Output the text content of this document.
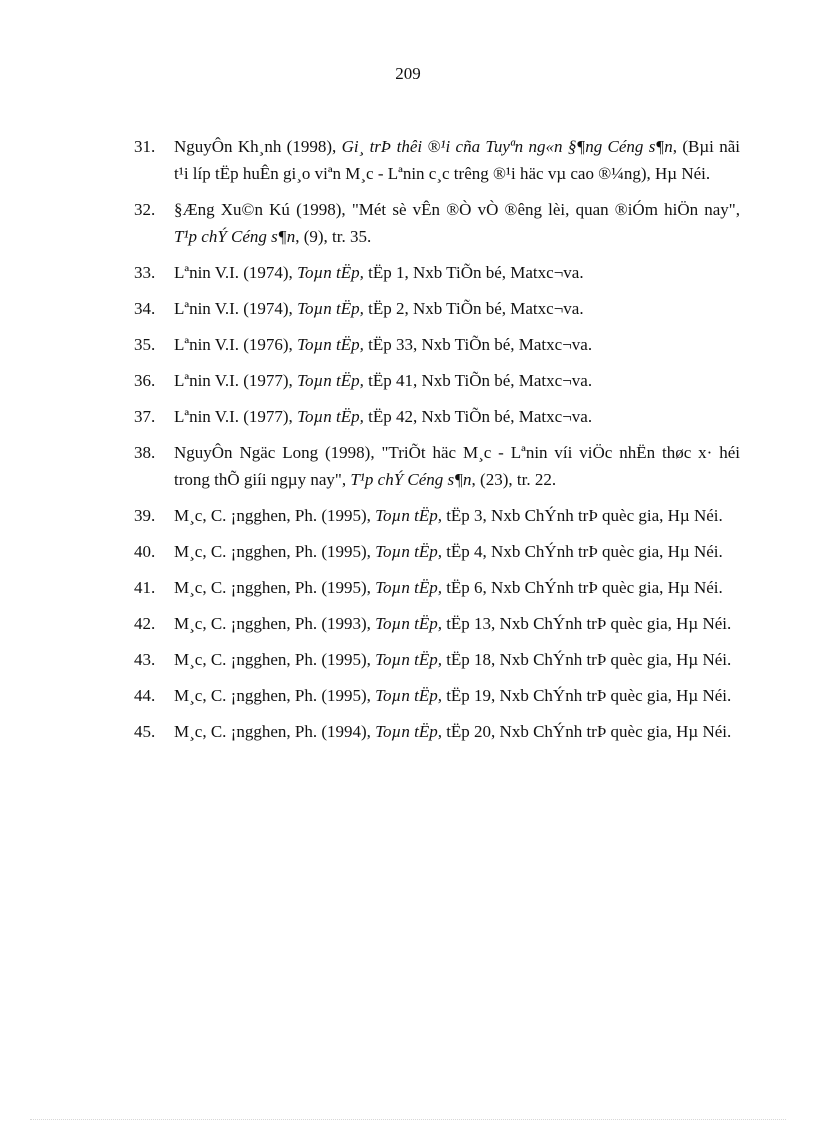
209
31. NguyÔn Kh¸nh (1998), Gi¸ trÞ thêi ®¹i cña Tuyªn ng«n §¶ng Céng s¶n, (Bµi nãi t¹i líp tËp huÊn gi¸o viªn M¸c - Lªnin c¸c trêng ®¹i häc vµ cao ®¼ng), Hµ Néi.
32. §Æng Xu©n Kú (1998), "Mét sè vÊn ®Ò vÒ ®êng lèi, quan ®iÓm hiÖn nay", T¹p chÝ Céng s¶n, (9), tr. 35.
33. Lªnin V.I. (1974), Toµn tËp, tËp 1, Nxb TiÕn bé, Matxc¬va.
34. Lªnin V.I. (1974), Toµn tËp, tËp 2, Nxb TiÕn bé, Matxc¬va.
35. Lªnin V.I. (1976), Toµn tËp, tËp 33, Nxb TiÕn bé, Matxc¬va.
36. Lªnin V.I. (1977), Toµn tËp, tËp 41, Nxb TiÕn bé, Matxc¬va.
37. Lªnin V.I. (1977), Toµn tËp, tËp 42, Nxb TiÕn bé, Matxc¬va.
38. NguyÔn Ngäc Long (1998), "TriÕt häc M¸c - Lªnin víi viÖc nhËn thøc x· héi trong thÕ giíi ngµy nay", T¹p chÝ Céng s¶n, (23), tr. 22.
39. M¸c, C. ¡ngghen, Ph. (1995), Toµn tËp, tËp 3, Nxb ChÝnh trÞ quèc gia, Hµ Néi.
40. M¸c, C. ¡ngghen, Ph. (1995), Toµn tËp, tËp 4, Nxb ChÝnh trÞ quèc gia, Hµ Néi.
41. M¸c, C. ¡ngghen, Ph. (1995), Toµn tËp, tËp 6, Nxb ChÝnh trÞ quèc gia, Hµ Néi.
42. M¸c, C. ¡ngghen, Ph. (1993), Toµn tËp, tËp 13, Nxb ChÝnh trÞ quèc gia, Hµ Néi.
43. M¸c, C. ¡ngghen, Ph. (1995), Toµn tËp, tËp 18, Nxb ChÝnh trÞ quèc gia, Hµ Néi.
44. M¸c, C. ¡ngghen, Ph. (1995), Toµn tËp, tËp 19, Nxb ChÝnh trÞ quèc gia, Hµ Néi.
45. M¸c, C. ¡ngghen, Ph. (1994), Toµn tËp, tËp 20, Nxb ChÝnh trÞ quèc gia, Hµ Néi.
